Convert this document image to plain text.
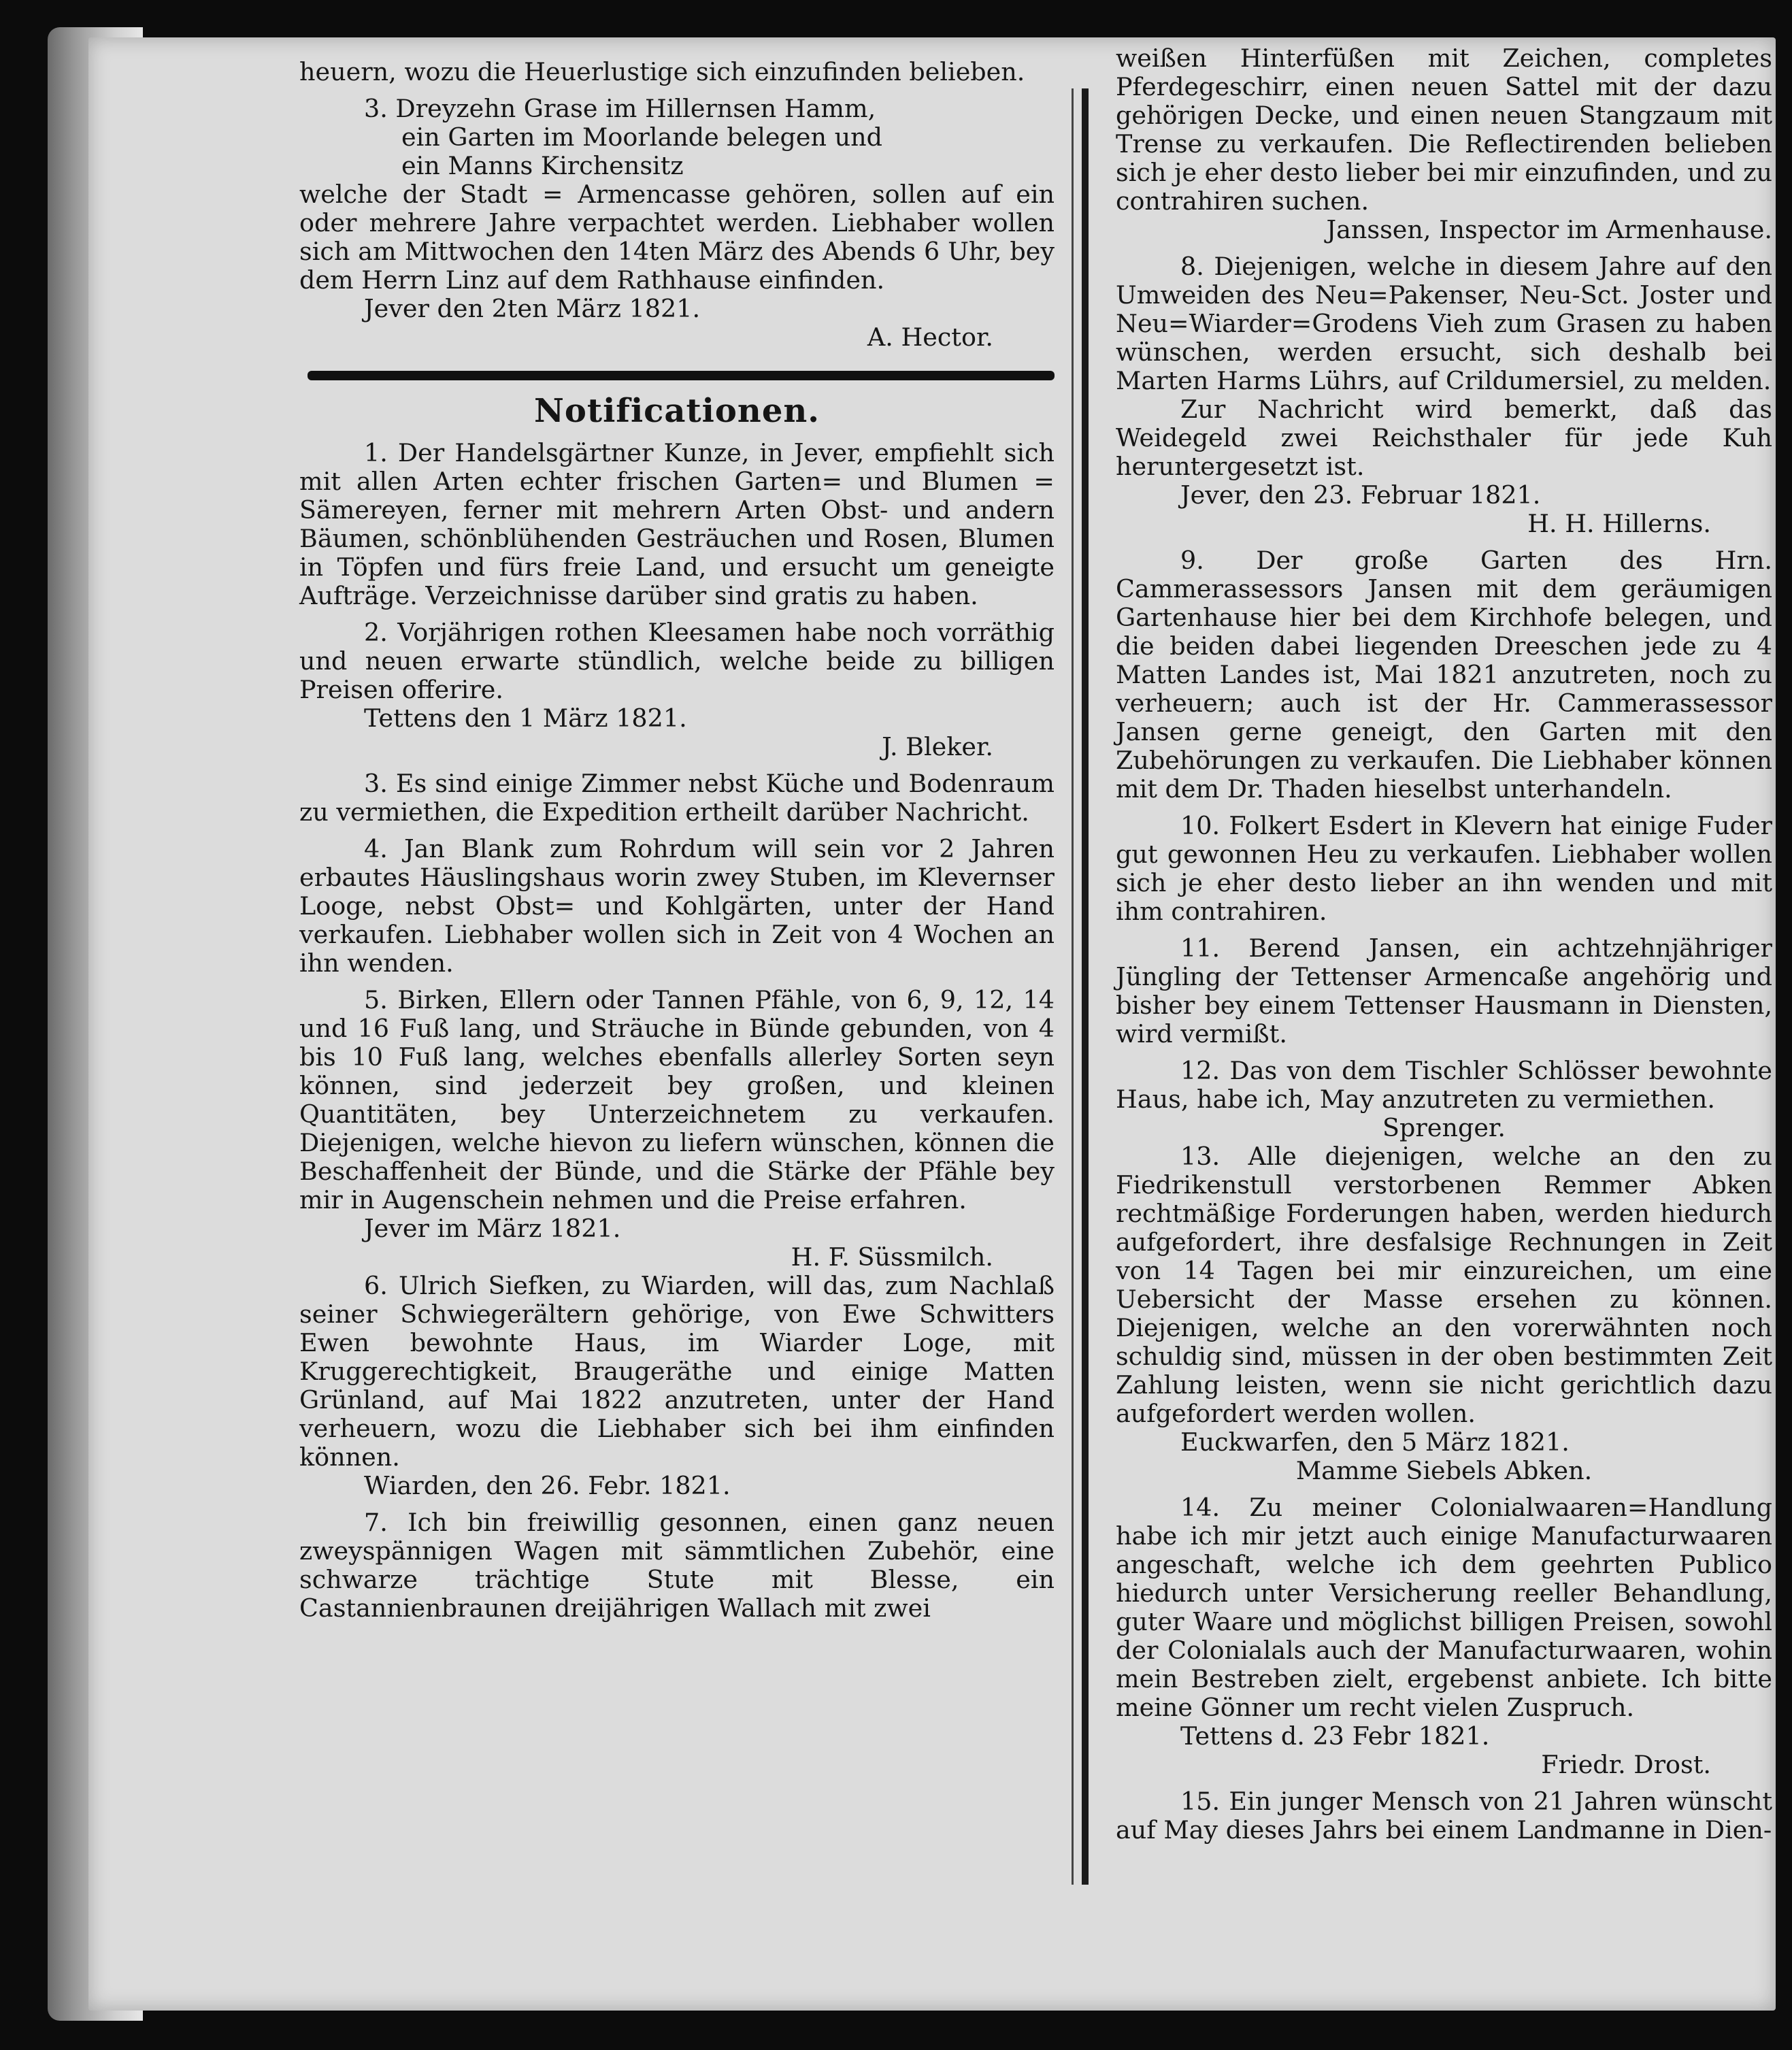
heuern, wozu die Heuerlustige sich einzufinden belieben.

3. Dreyzehn Grase im Hillernsen Hamm,

ein Garten im Moorlande belegen und

ein Manns Kirchensitz

welche der Stadt = Armencasse gehören, sollen auf ein oder mehrere Jahre verpachtet werden. Liebhaber wollen sich am Mittwochen den 14ten März des Abends 6 Uhr, bey dem Herrn Linz auf dem Rathhause einfinden.

Jever den 2ten März 1821.

A. Hector.

Notificationen.

1. Der Handelsgärtner Kunze, in Jever, empfiehlt sich mit allen Arten echter frischen Garten= und Blumen = Sämereyen, ferner mit mehrern Arten Obst- und andern Bäumen, schönblühenden Gesträuchen und Rosen, Blumen in Töpfen und fürs freie Land, und ersucht um geneigte Aufträge. Verzeichnisse darüber sind gratis zu haben.

2. Vorjährigen rothen Kleesamen habe noch vorräthig und neuen erwarte stündlich, welche beide zu billigen Preisen offerire.

Tettens den 1 März 1821.

J. Bleker.

3. Es sind einige Zimmer nebst Küche und Bodenraum zu vermiethen, die Expedition ertheilt darüber Nachricht.

4. Jan Blank zum Rohrdum will sein vor 2 Jahren erbautes Häuslingshaus worin zwey Stuben, im Klevernser Looge, nebst Obst= und Kohlgärten, unter der Hand verkaufen. Liebhaber wollen sich in Zeit von 4 Wochen an ihn wenden.

5. Birken, Ellern oder Tannen Pfähle, von 6, 9, 12, 14 und 16 Fuß lang, und Sträuche in Bünde gebunden, von 4 bis 10 Fuß lang, welches ebenfalls allerley Sorten seyn können, sind jederzeit bey großen, und kleinen Quantitäten, bey Unterzeichnetem zu verkaufen. Diejenigen, welche hievon zu liefern wünschen, können die Beschaffenheit der Bünde, und die Stärke der Pfähle bey mir in Augenschein nehmen und die Preise erfahren.

Jever im März 1821.

H. F. Süssmilch.

6. Ulrich Siefken, zu Wiarden, will das, zum Nachlaß seiner Schwiegerältern gehörige, von Ewe Schwitters Ewen bewohnte Haus, im Wiarder Loge, mit Kruggerechtigkeit, Braugeräthe und einige Matten Grünland, auf Mai 1822 anzutreten, unter der Hand verheuern, wozu die Liebhaber sich bei ihm einfinden können.

Wiarden, den 26. Febr. 1821.

7. Ich bin freiwillig gesonnen, einen ganz neuen zweyspännigen Wagen mit sämmtlichen Zubehör, eine schwarze trächtige Stute mit Blesse, ein Castannienbraunen dreijährigen Wallach mit zwei

weißen Hinterfüßen mit Zeichen, completes Pferdegeschirr, einen neuen Sattel mit der dazu gehörigen Decke, und einen neuen Stangzaum mit Trense zu verkaufen. Die Reflectirenden belieben sich je eher desto lieber bei mir einzufinden, und zu contrahiren suchen.

Janssen, Inspector im Armenhause.

8. Diejenigen, welche in diesem Jahre auf den Umweiden des Neu=Pakenser, Neu-Sct. Joster und Neu=Wiarder=Grodens Vieh zum Grasen zu haben wünschen, werden ersucht, sich deshalb bei Marten Harms Lührs, auf Crildumersiel, zu melden.

Zur Nachricht wird bemerkt, daß das Weidegeld zwei Reichsthaler für jede Kuh heruntergesetzt ist.

Jever, den 23. Februar 1821.

H. H. Hillerns.

9. Der große Garten des Hrn. Cammerassessors Jansen mit dem geräumigen Gartenhause hier bei dem Kirchhofe belegen, und die beiden dabei liegenden Dreeschen jede zu 4 Matten Landes ist, Mai 1821 anzutreten, noch zu verheuern; auch ist der Hr. Cammerassessor Jansen gerne geneigt, den Garten mit den Zubehörungen zu verkaufen. Die Liebhaber können mit dem Dr. Thaden hieselbst unterhandeln.

10. Folkert Esdert in Klevern hat einige Fuder gut gewonnen Heu zu verkaufen. Liebhaber wollen sich je eher desto lieber an ihn wenden und mit ihm contrahiren.

11. Berend Jansen, ein achtzehnjähriger Jüngling der Tettenser Armencaße angehörig und bisher bey einem Tettenser Hausmann in Diensten, wird vermißt.

12. Das von dem Tischler Schlösser bewohnte Haus, habe ich, May anzutreten zu vermiethen.

Sprenger.

13. Alle diejenigen, welche an den zu Fiedrikenstull verstorbenen Remmer Abken rechtmäßige Forderungen haben, werden hiedurch aufgefordert, ihre desfalsige Rechnungen in Zeit von 14 Tagen bei mir einzureichen, um eine Uebersicht der Masse ersehen zu können. Diejenigen, welche an den vorerwähnten noch schuldig sind, müssen in der oben bestimmten Zeit Zahlung leisten, wenn sie nicht gerichtlich dazu aufgefordert werden wollen.

Euckwarfen, den 5 März 1821.

Mamme Siebels Abken.

14. Zu meiner Colonialwaaren=Handlung habe ich mir jetzt auch einige Manufacturwaaren angeschaft, welche ich dem geehrten Publico hiedurch unter Versicherung reeller Behandlung, guter Waare und möglichst billigen Preisen, sowohl der Colonialals auch der Manufacturwaaren, wohin mein Bestreben zielt, ergebenst anbiete. Ich bitte meine Gönner um recht vielen Zuspruch.

Tettens d. 23 Febr 1821.

Friedr. Drost.

15. Ein junger Mensch von 21 Jahren wünscht auf May dieses Jahrs bei einem Landmanne in Dien-
